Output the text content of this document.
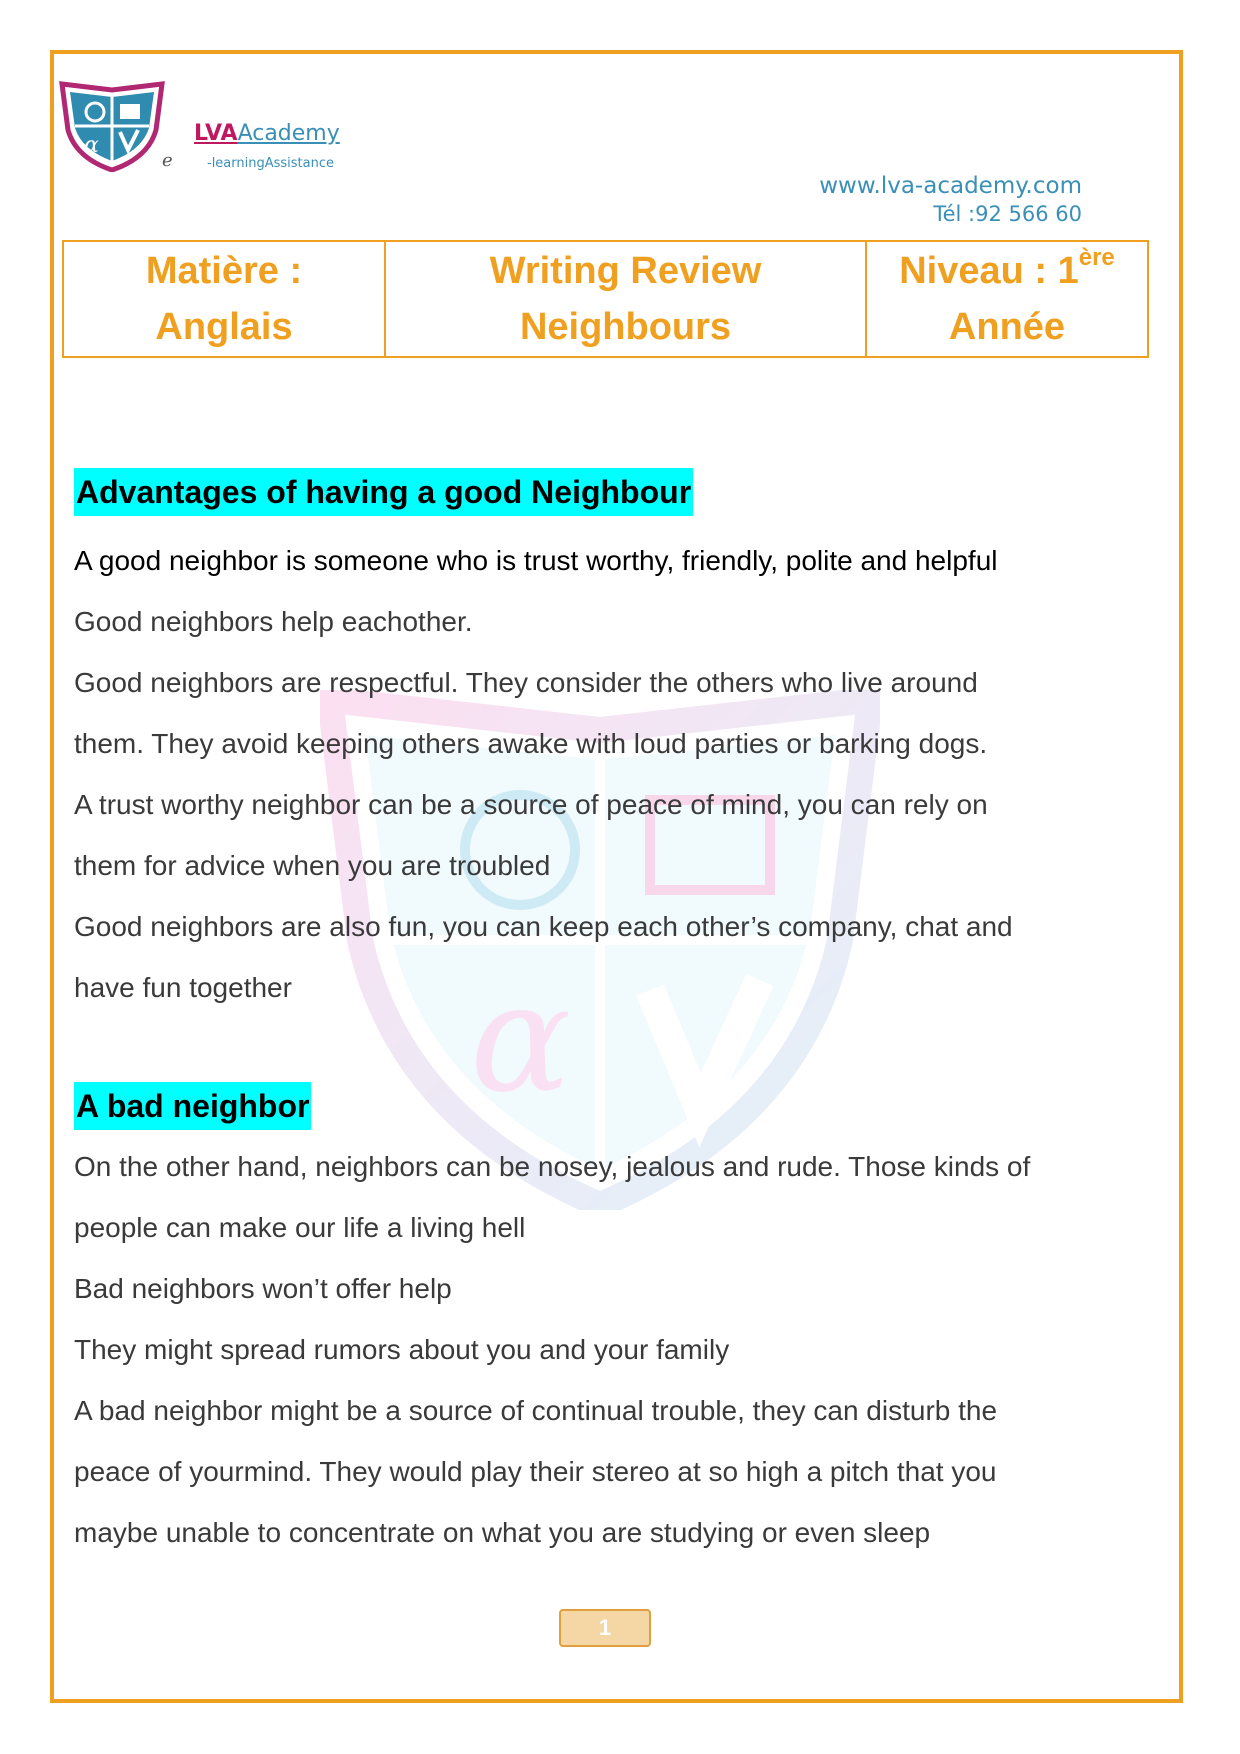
α
α	LVAAcademy
e	-learningAssistance
www.lva-academy.com
Tél :92 566 60
Matière :
Anglais

Writing Review
Neighbours

Niveau : 1ère
Année
Advantages of having a good Neighbour

A good neighbor is someone who is trust worthy, friendly, polite and helpful

Good neighbors help eachother.

Good neighbors are respectful. They consider the others who live around

them. They avoid keeping others awake with loud parties or barking dogs.

A trust worthy neighbor can be a source of peace of mind, you can rely on

them for advice when you are troubled

Good neighbors are also fun, you can keep each other’s company, chat and

have fun together

A bad neighbor

On the other hand, neighbors can be nosey, jealous and rude. Those kinds of

people can make our life a living hell

Bad neighbors won’t offer help

They might spread rumors about you and your family

A bad neighbor might be a source of continual trouble, they can disturb the

peace of yourmind. They would play their stereo at so high a pitch that you

maybe unable to concentrate on what you are studying or even sleep

1
